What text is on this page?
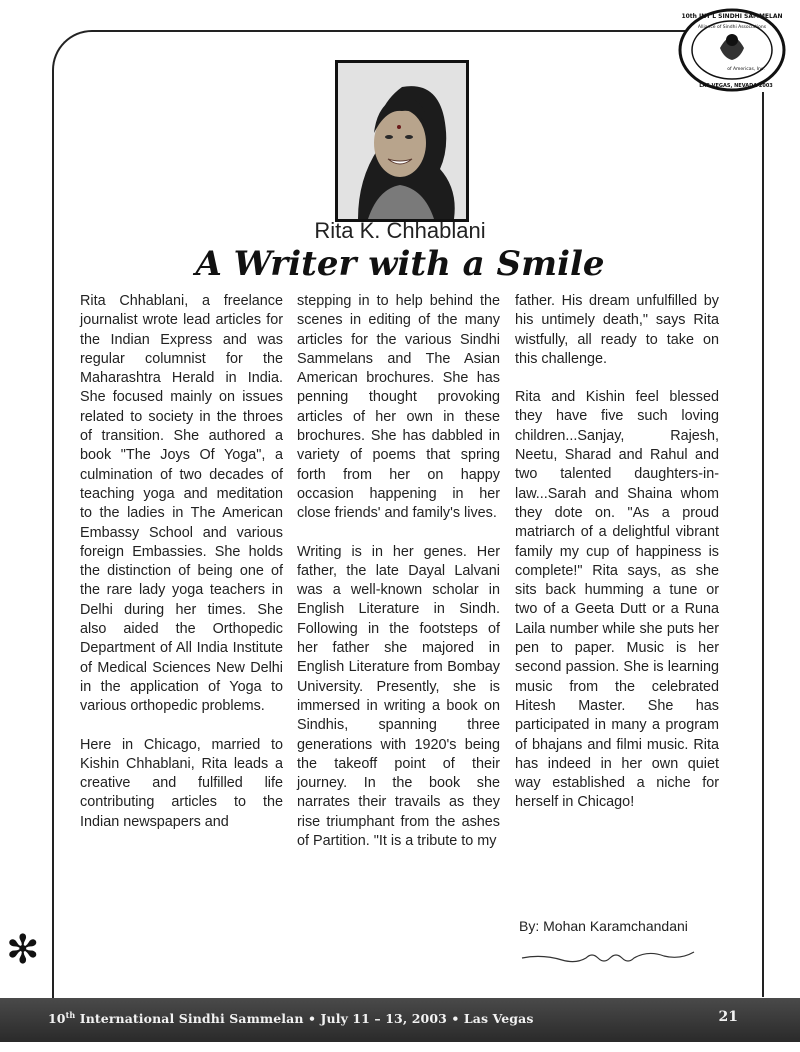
10th INT'L SINDHI SAMMELAN
Alliance of Sindhi Associations
of Americas, Inc.
LAS VEGAS, NEVADA 2003
Rita K. Chhablani
A Writer with a Smile

Rita Chhablani, a freelance journalist wrote lead articles for the Indian Express and was regular columnist for the Maharashtra Herald in India. She focused mainly on issues related to society in the throes of transition. She authored a book "The Joys Of Yoga", a culmination of two decades of teaching yoga and meditation to the ladies in The American Embassy School and various foreign Embassies. She holds the distinction of being one of the rare lady yoga teachers in Delhi during her times. She also aided the Orthopedic Department of All India Institute of Medical Sciences New Delhi in the application of Yoga to various orthopedic problems.

Here in Chicago, married to Kishin Chhablani, Rita leads a creative and fulfilled life contributing articles to the Indian newspapers and

stepping in to help behind the scenes in editing of the many articles for the various Sindhi Sammelans and The Asian American brochures. She has penning thought provoking articles of her own in these brochures. She has dabbled in variety of poems that spring forth from her on happy occasion happening in her close friends' and family's lives.

Writing is in her genes. Her father, the late Dayal Lalvani was a well-known scholar in English Literature in Sindh. Following in the footsteps of her father she majored in English Literature from Bombay University. Presently, she is immersed in writing a book on Sindhis, spanning three generations with 1920's being the takeoff point of their journey. In the book she narrates their travails as they rise triumphant from the ashes of Partition. "It is a tribute to my

father. His dream unfulfilled by his untimely death," says Rita wistfully, all ready to take on this challenge.

Rita and Kishin feel blessed they have five such loving children...Sanjay, Rajesh, Neetu, Sharad and Rahul and two talented daughters-in- law...Sarah and Shaina whom they dote on. "As a proud matriarch of a delightful vibrant family my cup of happiness is complete!" Rita says, as she sits back humming a tune or two of a Geeta Dutt or a Runa Laila number while she puts her pen to paper. Music is her second passion. She is learning music from the celebrated Hitesh Master. She has participated in many a program of bhajans and filmi music. Rita has indeed in her own quiet way established a niche for herself in Chicago!

By: Mohan Karamchandani
✻
10th International Sindhi Sammelan • July 11 – 13, 2003 • Las Vegas	21
